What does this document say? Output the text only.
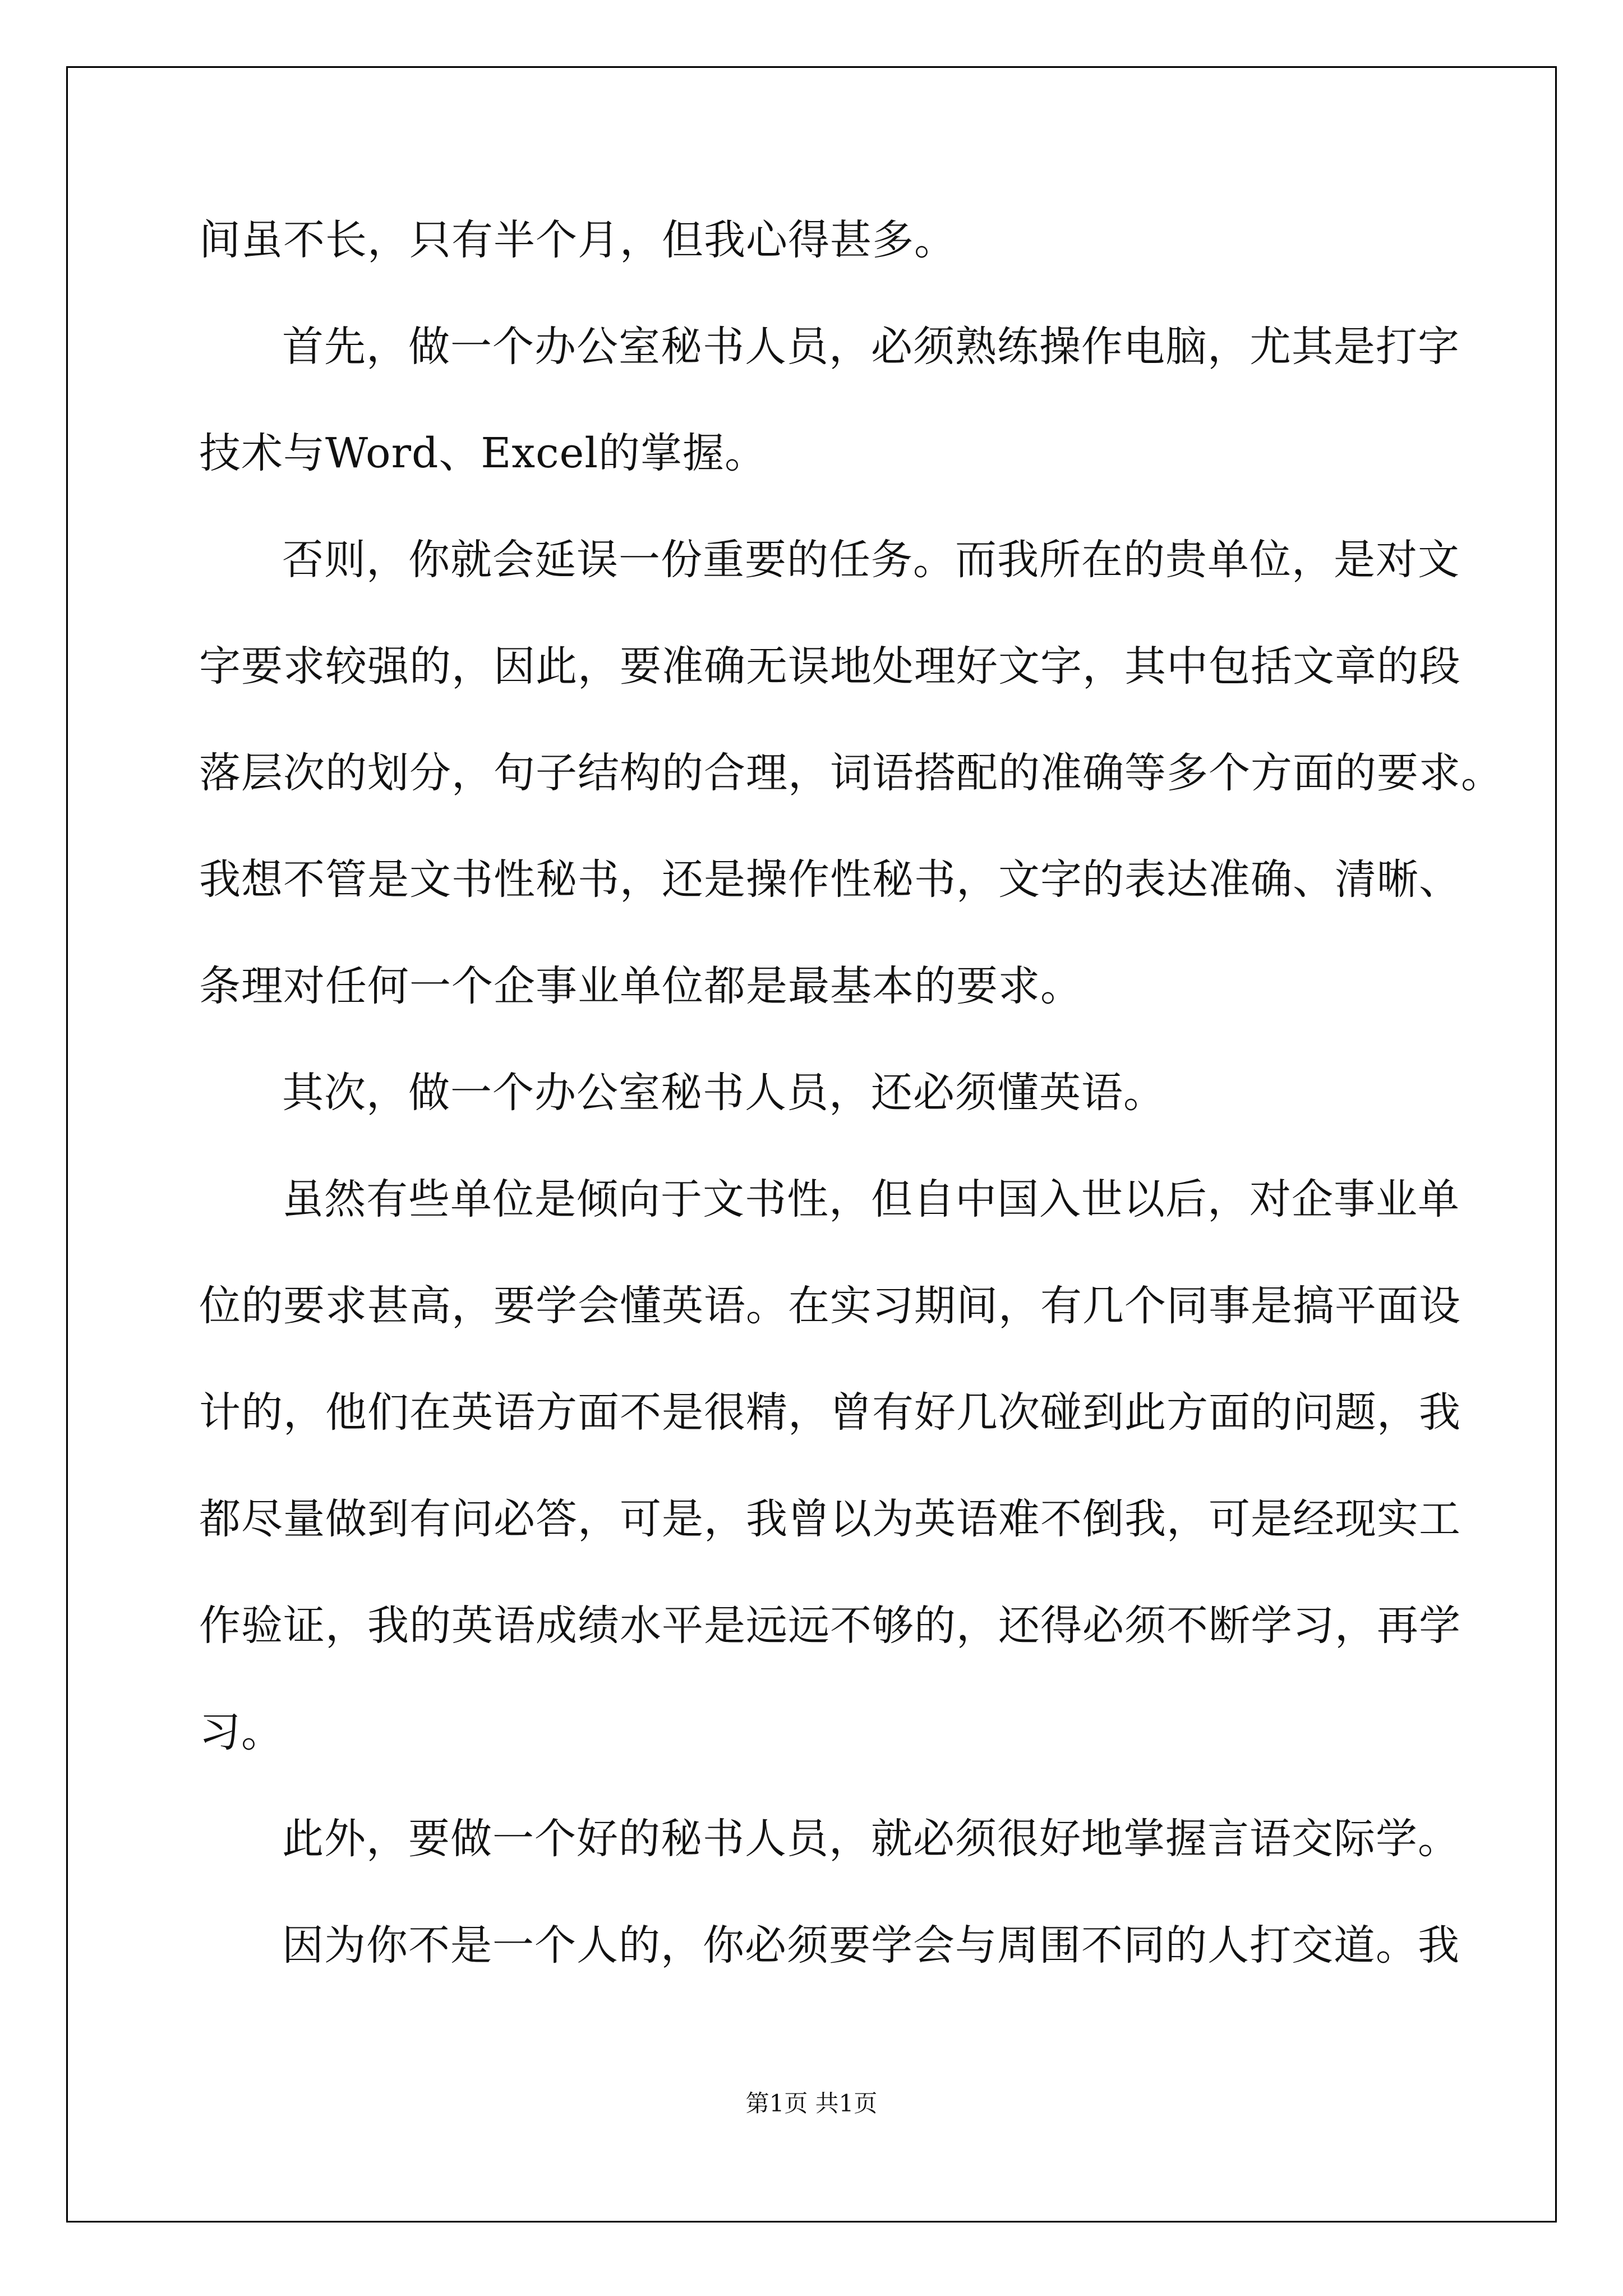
间虽不长，只有半个月，但我心得甚多。
首先，做一个办公室秘书人员，必须熟练操作电脑，尤其是打字
技术与Word、Excel的掌握。
否则，你就会延误一份重要的任务。而我所在的贵单位，是对文
字要求较强的，因此，要准确无误地处理好文字，其中包括文章的段
落层次的划分，句子结构的合理，词语搭配的准确等多个方面的要求。
我想不管是文书性秘书，还是操作性秘书，文字的表达准确、清晰、
条理对任何一个企事业单位都是最基本的要求。
其次，做一个办公室秘书人员，还必须懂英语。
虽然有些单位是倾向于文书性，但自中国入世以后，对企事业单
位的要求甚高，要学会懂英语。在实习期间，有几个同事是搞平面设
计的，他们在英语方面不是很精，曾有好几次碰到此方面的问题，我
都尽量做到有问必答，可是，我曾以为英语难不倒我，可是经现实工
作验证，我的英语成绩水平是远远不够的，还得必须不断学习，再学
习。
此外，要做一个好的秘书人员，就必须很好地掌握言语交际学。
因为你不是一个人的，你必须要学会与周围不同的人打交道。我
第1页 共1页
